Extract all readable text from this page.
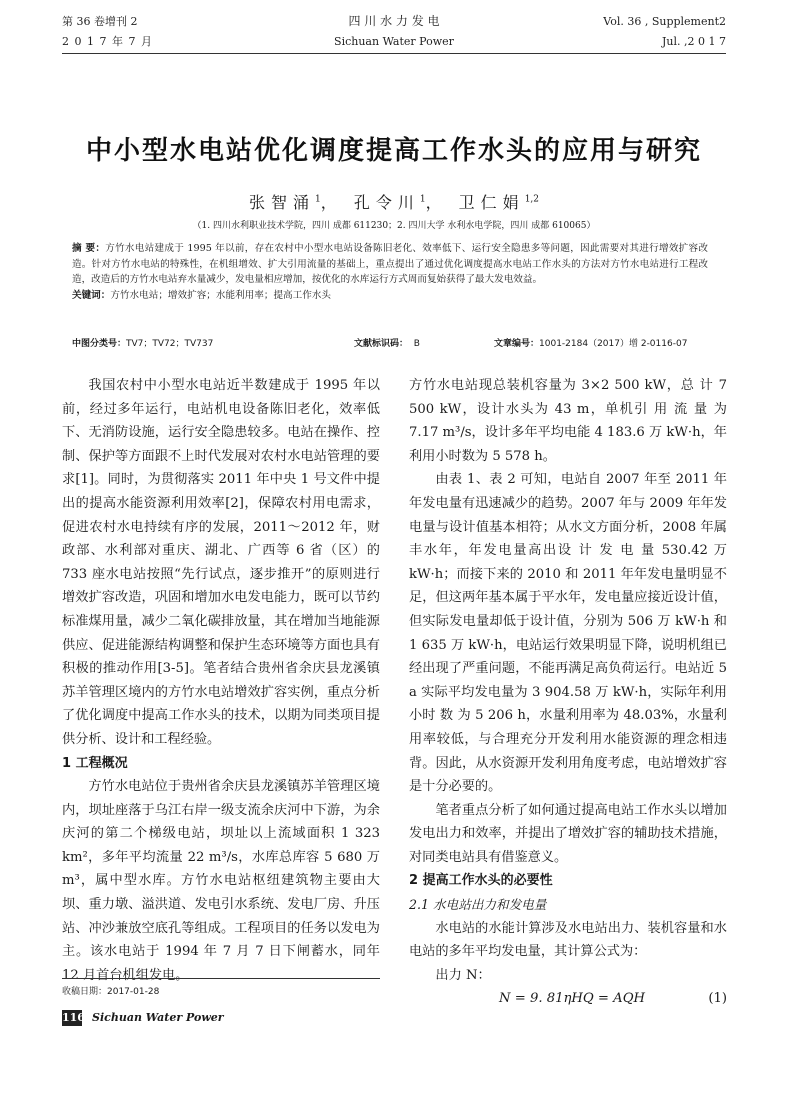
第 36 卷增刊 2
2 0 1 7 年 7 月
四 川 水 力 发 电
Sichuan Water Power
Vol. 36 , Supplement2
Jul. ,2 0 1 7
中小型水电站优化调度提高工作水头的应用与研究
张智涌$^1$， 孔令川$^1$， 卫仁娟$^{1,2}$
（1. 四川水利职业技术学院，四川 成都 611230；2. 四川大学 水利水电学院，四川 成都 610065）
摘 要：方竹水电站建成于 1995 年以前，存在农村中小型水电站设备陈旧老化、效率低下、运行安全隐患多等问题，因此需要对其进行增效扩容改造。针对方竹水电站的特殊性，在机组增效、扩大引用流量的基础上，重点提出了通过优化调度提高水电站工作水头的方法对方竹水电站进行工程改造，改造后的方竹水电站弃水量减少，发电量相应增加，按优化的水库运行方式周而复始获得了最大发电效益。
关键词：方竹水电站；增效扩容；水能利用率；提高工作水头
中图分类号：TV7；TV72；TV737	文献标识码： B	文章编号：1001-2184（2017）增 2-0116-07

我国农村中小型水电站近半数建成于 1995 年以前，经过多年运行，电站机电设备陈旧老化，效率低下、无消防设施，运行安全隐患较多。电站在操作、控制、保护等方面跟不上时代发展对农村水电站管理的要求[1]。同时，为贯彻落实 2011 年中央 1 号文件中提出的提高水能资源利用效率[2]，保障农村用电需求，促进农村水电持续有序的发展，2011～2012 年，财政部、水利部对重庆、湖北、广西等 6 省（区）的 733 座水电站按照“先行试点，逐步推开”的原则进行增效扩容改造，巩固和增加水电发电能力，既可以节约标准煤用量，减少二氧化碳排放量，其在增加当地能源供应、促进能源结构调整和保护生态环境等方面也具有积极的推动作用[3-5]。笔者结合贵州省余庆县龙溪镇苏羊管理区境内的方竹水电站增效扩容实例，重点分析了优化调度中提高工作水头的技术，以期为同类项目提供分析、设计和工程经验。

1 工程概况

方竹水电站位于贵州省余庆县龙溪镇苏羊管理区境内，坝址座落于乌江右岸一级支流余庆河中下游，为余庆河的第二个梯级电站，坝址以上流域面积 1 323 km²，多年平均流量 22 m³/s，水库总库容 5 680 万 m³，属中型水库。方竹水电站枢纽建筑物主要由大坝、重力墩、溢洪道、发电引水系统、发电厂房、升压站、冲沙兼放空底孔等组成。工程项目的任务以发电为主。该水电站于 1994 年 7 月 7 日下闸蓄水，同年 12 月首台机组发电。

方竹水电站现总装机容量为 3×2 500 kW，总 计 7 500 kW，设计水头为 43 m，单机引 用 流 量 为 7.17 m³/s，设计多年平均电能 4 183.6 万 kW·h，年利用小时数为 5 578 h。

由表 1、表 2 可知，电站自 2007 年至 2011 年年发电量有迅速减少的趋势。2007 年与 2009 年年发电量与设计值基本相符；从水文方面分析，2008 年属丰水年，年发电量高出设 计 发 电 量 530.42 万 kW·h；而接下来的 2010 和 2011 年年发电量明显不足，但这两年基本属于平水年，发电量应接近设计值，但实际发电量却低于设计值，分别为 506 万 kW·h 和 1 635 万 kW·h，电站运行效果明显下降，说明机组已经出现了严重问题，不能再满足高负荷运行。电站近 5 a 实际平均发电量为 3 904.58 万 kW·h，实际年利用小时 数 为 5 206 h，水量利用率为 48.03%，水量利用率较低，与合理充分开发利用水能资源的理念相违背。因此，从水资源开发利用角度考虑，电站增效扩容是十分必要的。

笔者重点分析了如何通过提高电站工作水头以增加发电出力和效率，并提出了增效扩容的辅助技术措施，对同类电站具有借鉴意义。

2 提高工作水头的必要性
2.1 水电站出力和发电量

水电站的水能计算涉及水电站出力、装机容量和水电站的多年平均发电量，其计算公式为：

出力 N：

N = 9. 81ηHQ = AQH	(1)
收稿日期：2017-01-28
116 Sichuan Water Power
